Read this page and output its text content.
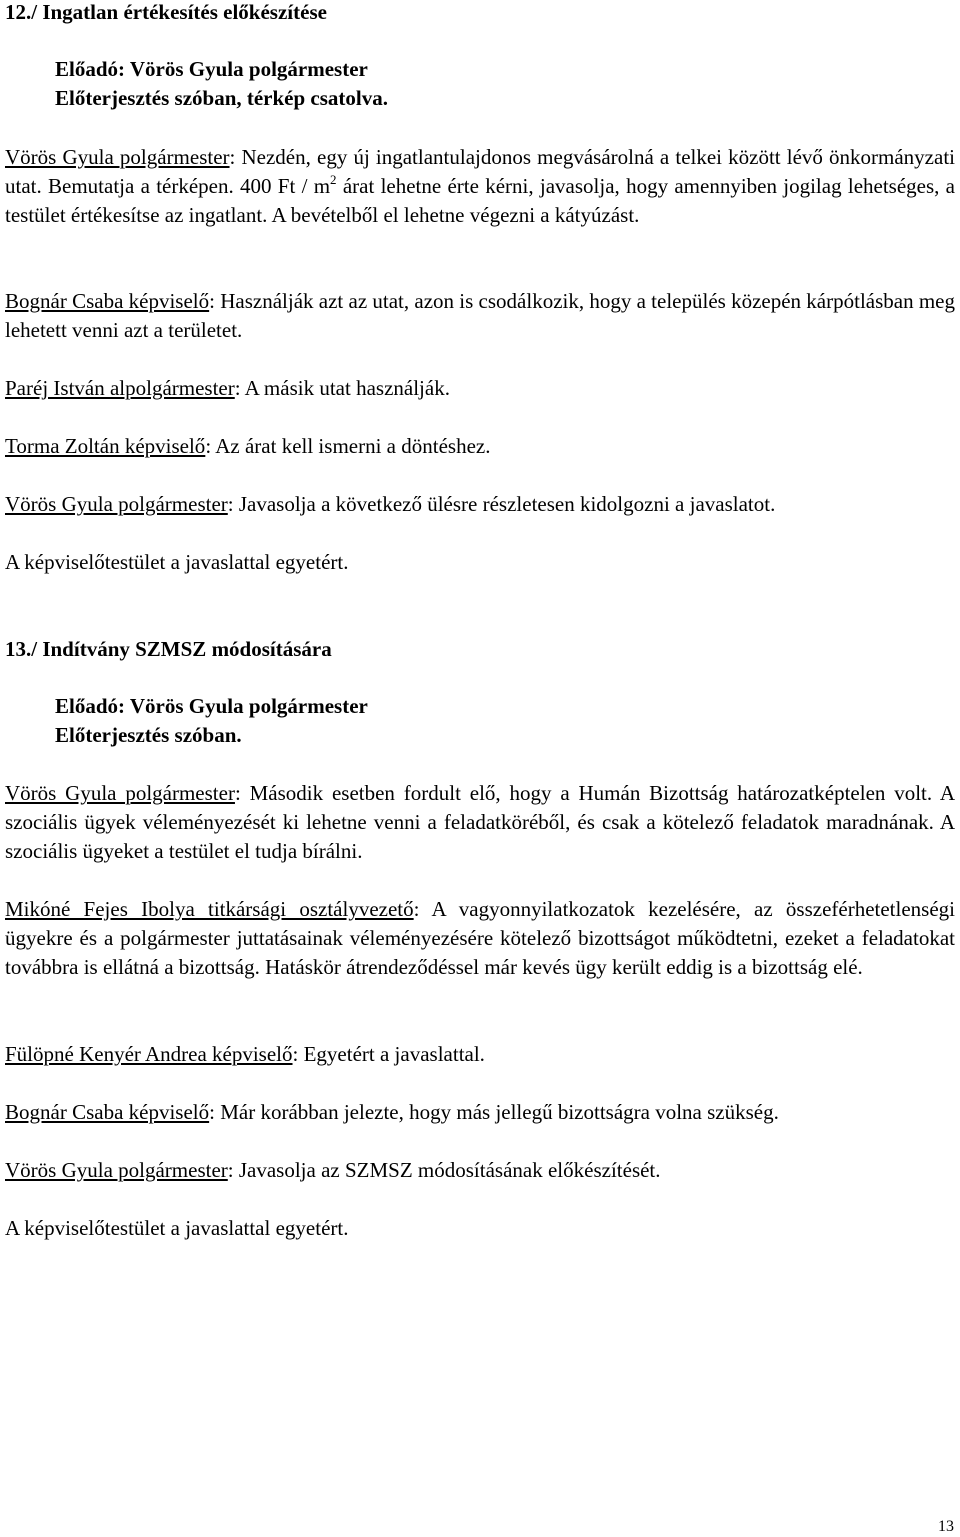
12./ Ingatlan értékesítés előkészítése
Előadó: Vörös Gyula polgármester
Előterjesztés szóban, térkép csatolva.
Vörös Gyula polgármester: Nezdén, egy új ingatlantulajdonos megvásárolná a telkei között lévő önkormányzati utat. Bemutatja a térképen. 400 Ft / $m^2$ árat lehetne érte kérni, javasolja, hogy amennyiben jogilag lehetséges, a testület értékesítse az ingatlant. A bevételből el lehetne végezni a kátyúzást.
Bognár Csaba képviselő: Használják azt az utat, azon is csodálkozik, hogy a település közepén kárpótlásban meg lehetett venni azt a területet.
Paréj István alpolgármester: A másik utat használják.
Torma Zoltán képviselő: Az árat kell ismerni a döntéshez.
Vörös Gyula polgármester: Javasolja a következő ülésre részletesen kidolgozni a javaslatot.
A képviselőtestület a javaslattal egyetért.
13./ Indítvány SZMSZ módosítására
Előadó: Vörös Gyula polgármester
Előterjesztés szóban.
Vörös Gyula polgármester: Második esetben fordult elő, hogy a Humán Bizottság határozatképtelen volt. A szociális ügyek véleményezését ki lehetne venni a feladatköréből, és csak a kötelező feladatok maradnának. A szociális ügyeket a testület el tudja bírálni.
Mikóné Fejes Ibolya titkársági osztályvezető: A vagyonnyilatkozatok kezelésére, az összeférhetetlenségi ügyekre és a polgármester juttatásainak véleményezésére kötelező bizottságot működtetni, ezeket a feladatokat továbbra is ellátná a bizottság. Hatáskör átrendeződéssel már kevés ügy került eddig is a bizottság elé.
Fülöpné Kenyér Andrea képviselő: Egyetért a javaslattal.
Bognár Csaba képviselő: Már korábban jelezte, hogy más jellegű bizottságra volna szükség.
Vörös Gyula polgármester: Javasolja az SZMSZ módosításának előkészítését.
A képviselőtestület a javaslattal egyetért.
13
